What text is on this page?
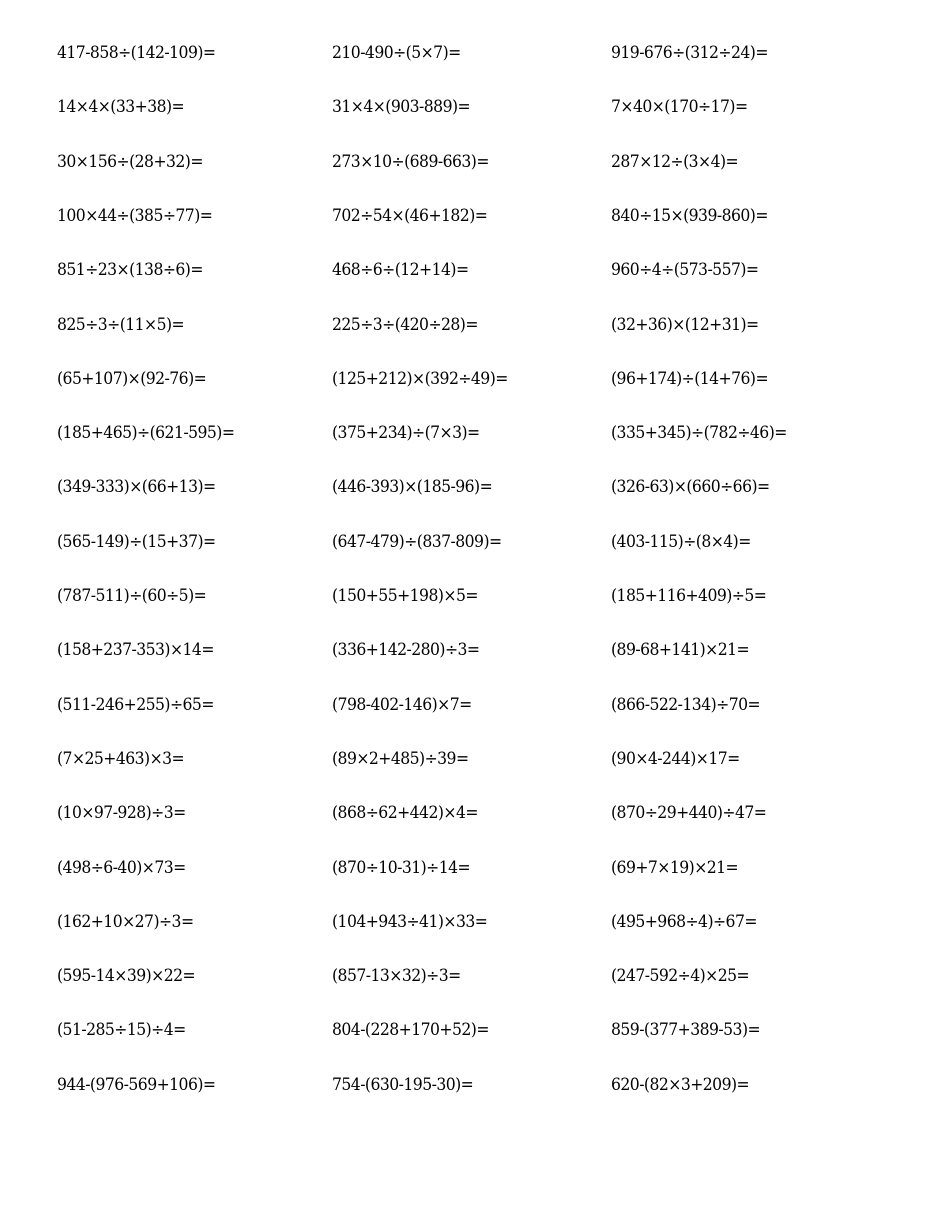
417-858÷(142-109)=	210-490÷(5×7)=	919-676÷(312÷24)=
14×4×(33+38)=	31×4×(903-889)=	7×40×(170÷17)=
30×156÷(28+32)=	273×10÷(689-663)=	287×12÷(3×4)=
100×44÷(385÷77)=	702÷54×(46+182)=	840÷15×(939-860)=
851÷23×(138÷6)=	468÷6÷(12+14)=	960÷4÷(573-557)=
825÷3÷(11×5)=	225÷3÷(420÷28)=	(32+36)×(12+31)=
(65+107)×(92-76)=	(125+212)×(392÷49)=	(96+174)÷(14+76)=
(185+465)÷(621-595)=	(375+234)÷(7×3)=	(335+345)÷(782÷46)=
(349-333)×(66+13)=	(446-393)×(185-96)=	(326-63)×(660÷66)=
(565-149)÷(15+37)=	(647-479)÷(837-809)=	(403-115)÷(8×4)=
(787-511)÷(60÷5)=	(150+55+198)×5=	(185+116+409)÷5=
(158+237-353)×14=	(336+142-280)÷3=	(89-68+141)×21=
(511-246+255)÷65=	(798-402-146)×7=	(866-522-134)÷70=
(7×25+463)×3=	(89×2+485)÷39=	(90×4-244)×17=
(10×97-928)÷3=	(868÷62+442)×4=	(870÷29+440)÷47=
(498÷6-40)×73=	(870÷10-31)÷14=	(69+7×19)×21=
(162+10×27)÷3=	(104+943÷41)×33=	(495+968÷4)÷67=
(595-14×39)×22=	(857-13×32)÷3=	(247-592÷4)×25=
(51-285÷15)÷4=	804-(228+170+52)=	859-(377+389-53)=
944-(976-569+106)=	754-(630-195-30)=	620-(82×3+209)=
